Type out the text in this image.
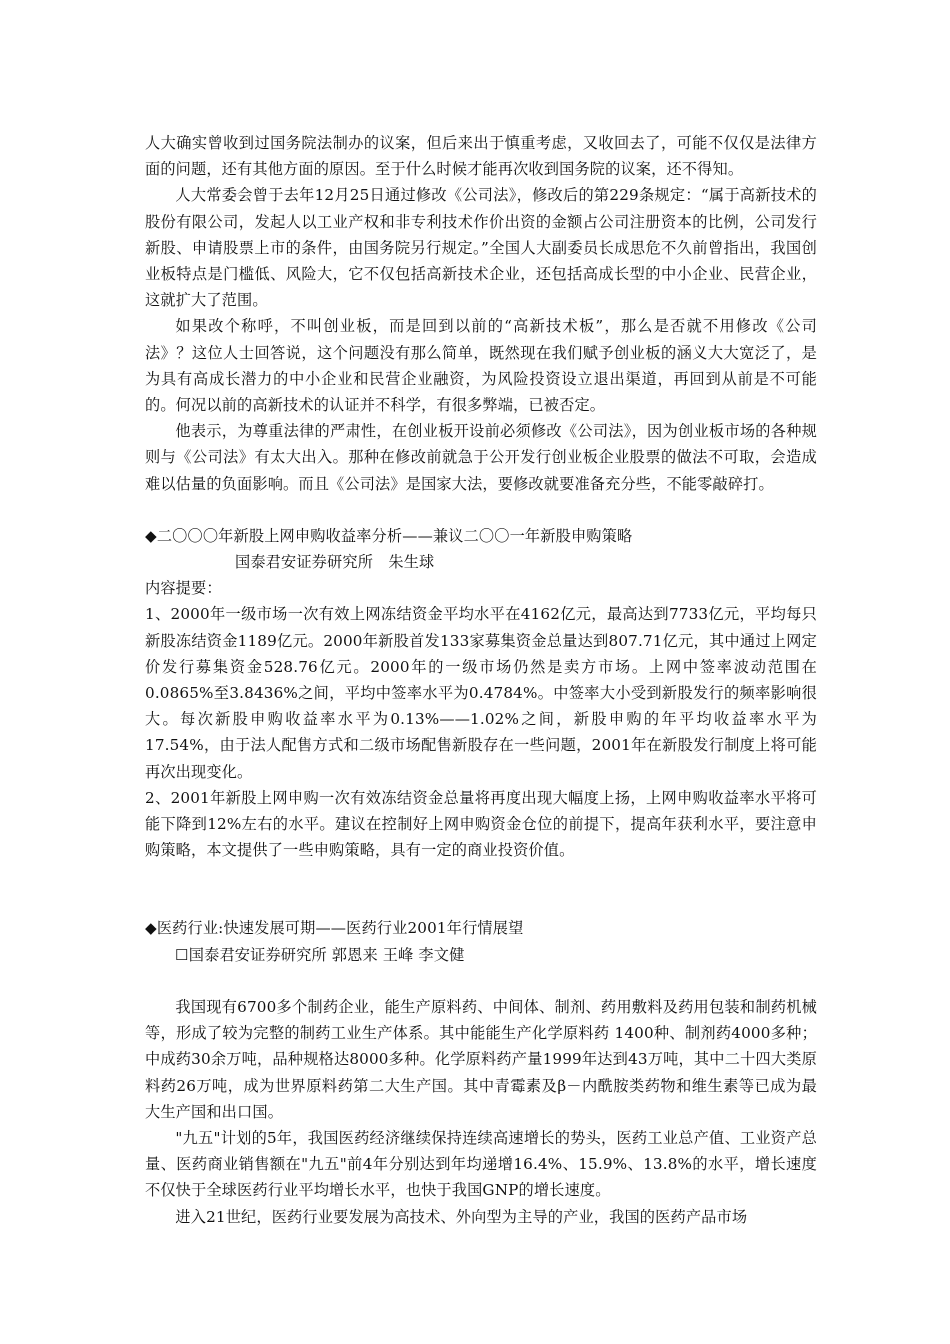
人大确实曾收到过国务院法制办的议案，但后来出于慎重考虑，又收回去了，可能不仅仅是法律方面的问题，还有其他方面的原因。至于什么时候才能再次收到国务院的议案，还不得知。

人大常委会曾于去年12月25日通过修改《公司法》，修改后的第229条规定：“属于高新技术的股份有限公司，发起人以工业产权和非专利技术作价出资的金额占公司注册资本的比例，公司发行新股、申请股票上市的条件，由国务院另行规定。”全国人大副委员长成思危不久前曾指出，我国创业板特点是门槛低、风险大，它不仅包括高新技术企业，还包括高成长型的中小企业、民营企业，这就扩大了范围。

如果改个称呼，不叫创业板，而是回到以前的“高新技术板”，那么是否就不用修改《公司法》？这位人士回答说，这个问题没有那么简单，既然现在我们赋予创业板的涵义大大宽泛了，是为具有高成长潜力的中小企业和民营企业融资，为风险投资设立退出渠道，再回到从前是不可能的。何况以前的高新技术的认证并不科学，有很多弊端，已被否定。

他表示，为尊重法律的严肃性，在创业板开设前必须修改《公司法》，因为创业板市场的各种规则与《公司法》有太大出入。那种在修改前就急于公开发行创业板企业股票的做法不可取，会造成难以估量的负面影响。而且《公司法》是国家大法，要修改就要准备充分些，不能零敲碎打。

◆二〇〇〇年新股上网申购收益率分析——兼议二〇〇一年新股申购策略

国泰君安证券研究所　朱生球

内容提要：

1、2000年一级市场一次有效上网冻结资金平均水平在4162亿元，最高达到7733亿元，平均每只新股冻结资金1189亿元。2000年新股首发133家募集资金总量达到807.71亿元，其中通过上网定价发行募集资金528.76亿元。2000年的一级市场仍然是卖方市场。上网中签率波动范围在0.0865%至3.8436%之间，平均中签率水平为0.4784%。中签率大小受到新股发行的频率影响很大。每次新股申购收益率水平为0.13%——1.02%之间，新股申购的年平均收益率水平为17.54%，由于法人配售方式和二级市场配售新股存在一些问题，2001年在新股发行制度上将可能再次出现变化。

2、2001年新股上网申购一次有效冻结资金总量将再度出现大幅度上扬，上网申购收益率水平将可能下降到12%左右的水平。建议在控制好上网申购资金仓位的前提下，提高年获利水平，要注意申购策略，本文提供了一些申购策略，具有一定的商业投资价值。

◆医药行业:快速发展可期——医药行业2001年行情展望

☐国泰君安证券研究所 郭恩来 王峰 李文健

我国现有6700多个制药企业，能生产原料药、中间体、制剂、药用敷料及药用包装和制药机械等，形成了较为完整的制药工业生产体系。其中能能生产化学原料药 1400种、制剂药4000多种；中成药30余万吨，品种规格达8000多种。化学原料药产量1999年达到43万吨，其中二十四大类原料药26万吨，成为世界原料药第二大生产国。其中青霉素及β－内酰胺类药物和维生素等已成为最大生产国和出口国。

"九五"计划的5年，我国医药经济继续保持连续高速增长的势头，医药工业总产值、工业资产总量、医药商业销售额在"九五"前4年分别达到年均递增16.4%、15.9%、13.8%的水平，增长速度不仅快于全球医药行业平均增长水平，也快于我国GNP的增长速度。

进入21世纪，医药行业要发展为高技术、外向型为主导的产业，我国的医药产品市场
